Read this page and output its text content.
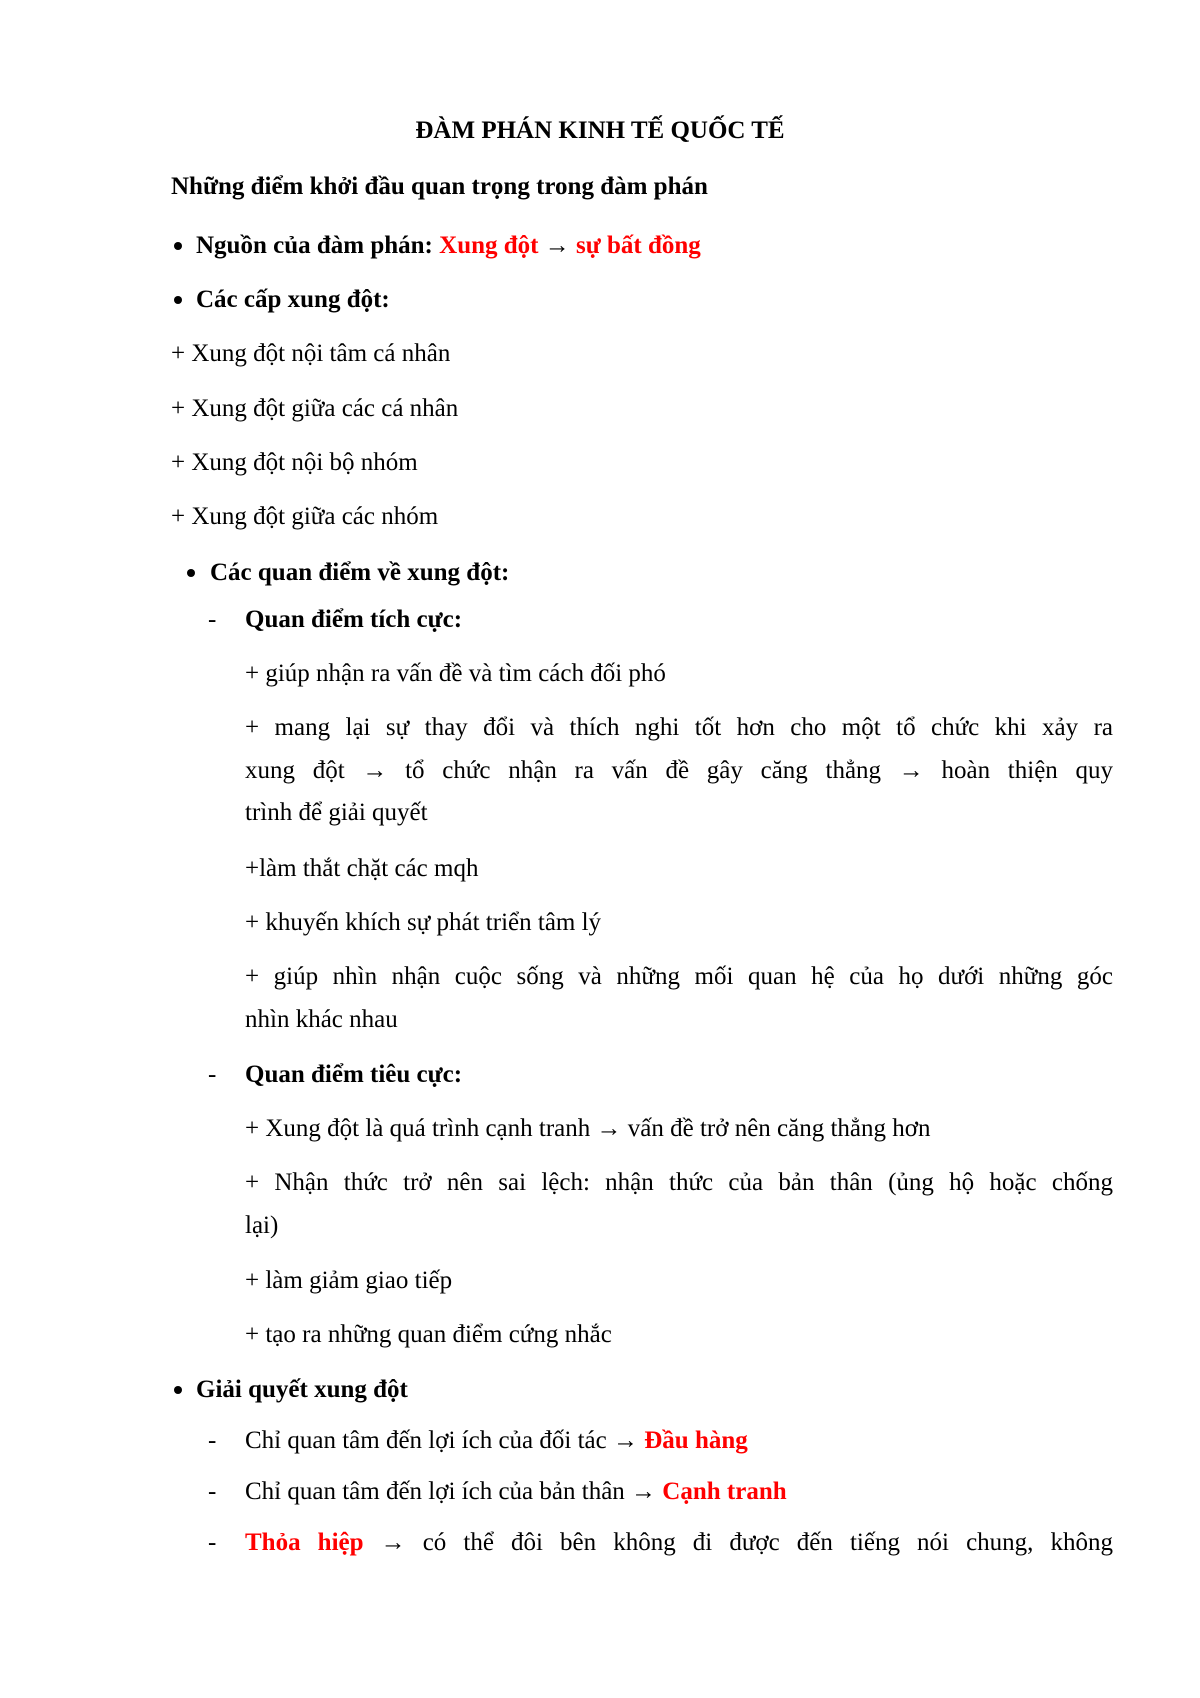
ĐÀM PHÁN KINH TẾ QUỐC TẾ
Những điểm khởi đầu quan trọng trong đàm phán
Nguồn của đàm phán: Xung đột → sự bất đồng
Các cấp xung đột:
+ Xung đột nội tâm cá nhân
+ Xung đột giữa các cá nhân
+ Xung đột nội bộ nhóm
+ Xung đột giữa các nhóm
Các quan điểm về xung đột:
- Quan điểm tích cực:
+ giúp nhận ra vấn đề và tìm cách đối phó
+ mang lại sự thay đổi và thích nghi tốt hơn cho một tổ chức khi xảy ra
xung đột → tổ chức nhận ra vấn đề gây căng thẳng → hoàn thiện quy
trình để giải quyết
+làm thắt chặt các mqh
+ khuyến khích sự phát triển tâm lý
+ giúp nhìn nhận cuộc sống và những mối quan hệ của họ dưới những góc
nhìn khác nhau
- Quan điểm tiêu cực:
+ Xung đột là quá trình cạnh tranh → vấn đề trở nên căng thẳng hơn
+ Nhận thức trở nên sai lệch: nhận thức của bản thân (ủng hộ hoặc chống
lại)
+ làm giảm giao tiếp
+ tạo ra những quan điểm cứng nhắc
Giải quyết xung đột
- Chỉ quan tâm đến lợi ích của đối tác → Đầu hàng
- Chỉ quan tâm đến lợi ích của bản thân → Cạnh tranh
- Thỏa hiệp → có thể đôi bên không đi được đến tiếng nói chung, không
